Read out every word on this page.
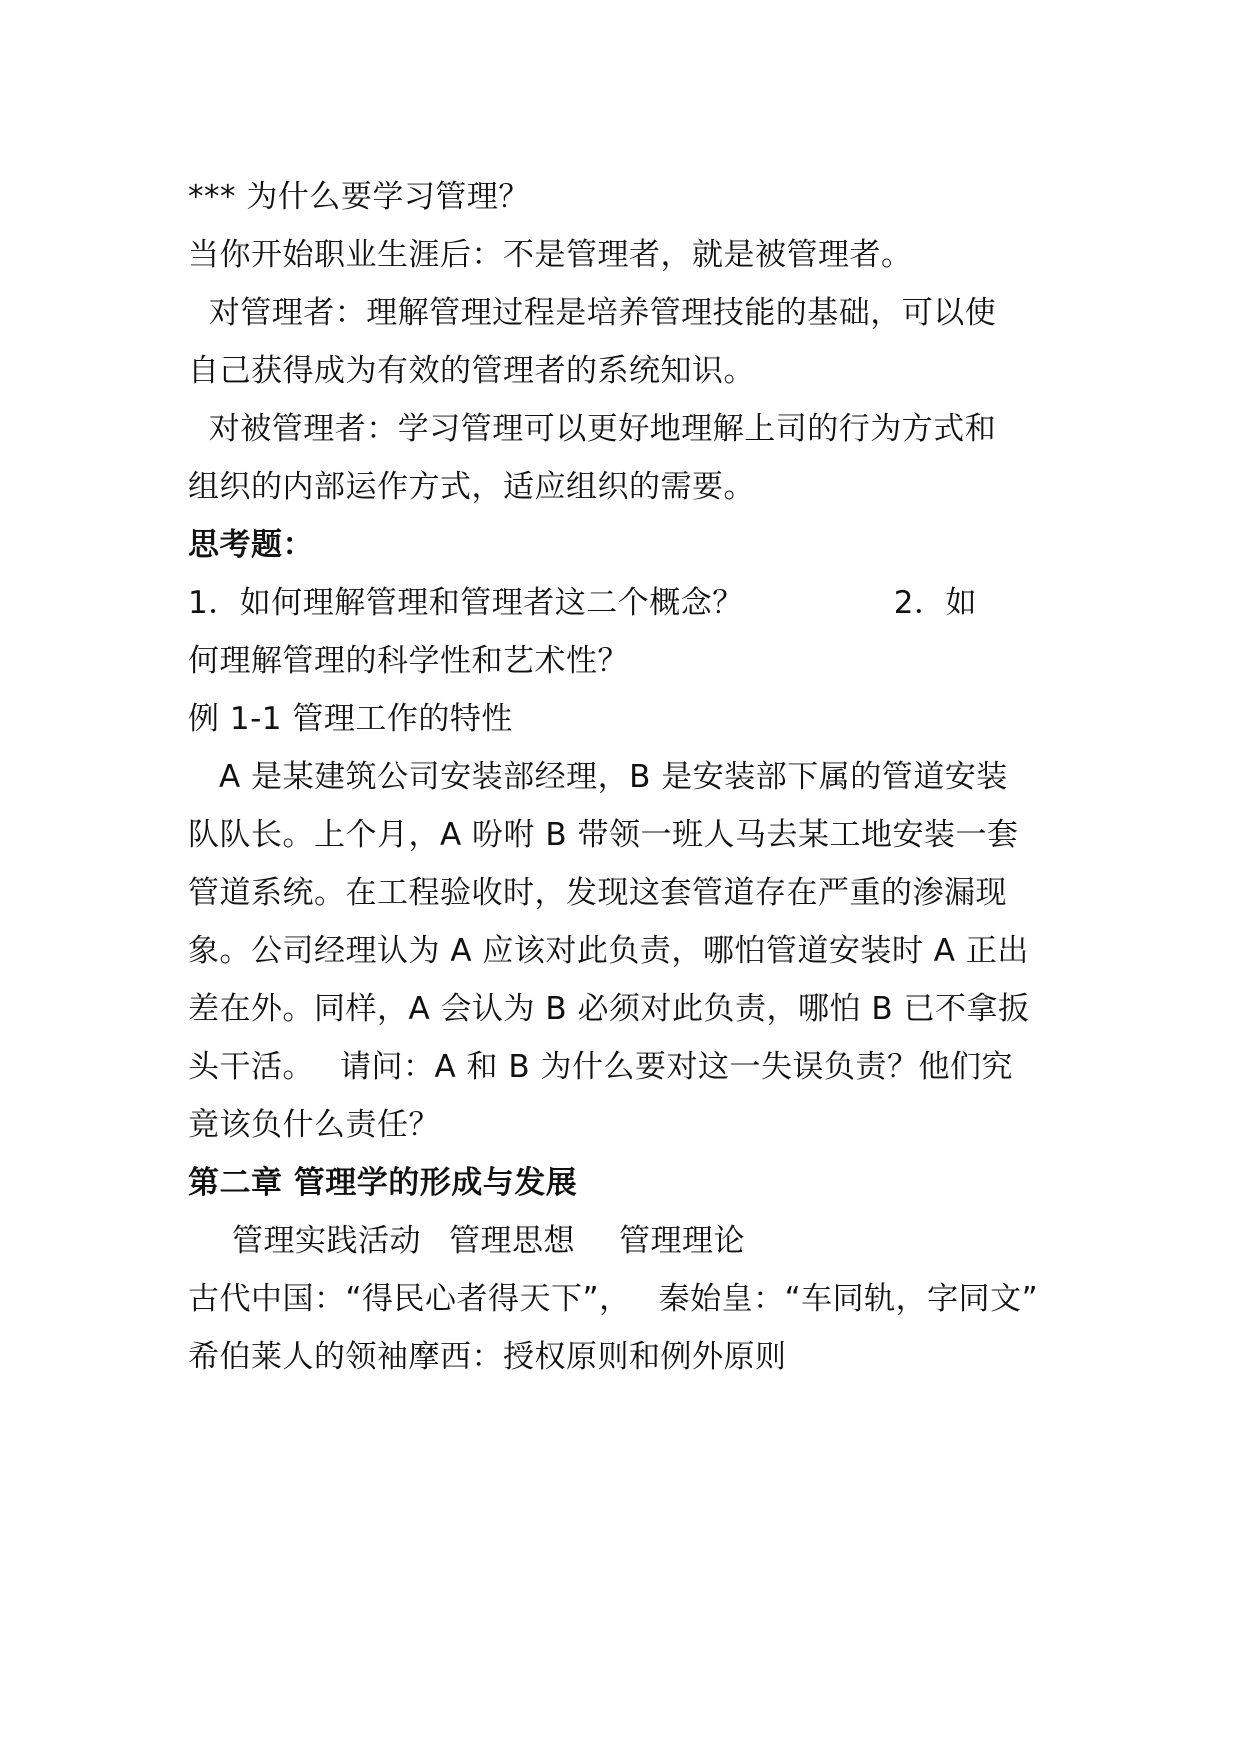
*** 为什么要学习管理？
当你开始职业生涯后：不是管理者，就是被管理者。
对管理者：理解管理过程是培养管理技能的基础，可以使
自己获得成为有效的管理者的系统知识。
对被管理者：学习管理可以更好地理解上司的行为方式和
组织的内部运作方式，适应组织的需要。
思考题：
1．如何理解管理和管理者这二个概念？	2．如
何理解管理的科学性和艺术性？
例 1-1 管理工作的特性
A 是某建筑公司安装部经理，B 是安装部下属的管道安装
队队长。上个月，A 吩咐 B 带领一班人马去某工地安装一套
管道系统。在工程验收时，发现这套管道存在严重的渗漏现
象。公司经理认为 A 应该对此负责，哪怕管道安装时 A 正出
差在外。同样，A 会认为 B 必须对此负责，哪怕 B 已不拿扳
头干活。 请问：A 和 B 为什么要对这一失误负责？他们究
竟该负什么责任？
第二章 管理学的形成与发展
管理实践活动 管理思想 管理理论
古代中国：“得民心者得天下”， 秦始皇：“车同轨，字同文”
希伯莱人的领袖摩西：授权原则和例外原则
